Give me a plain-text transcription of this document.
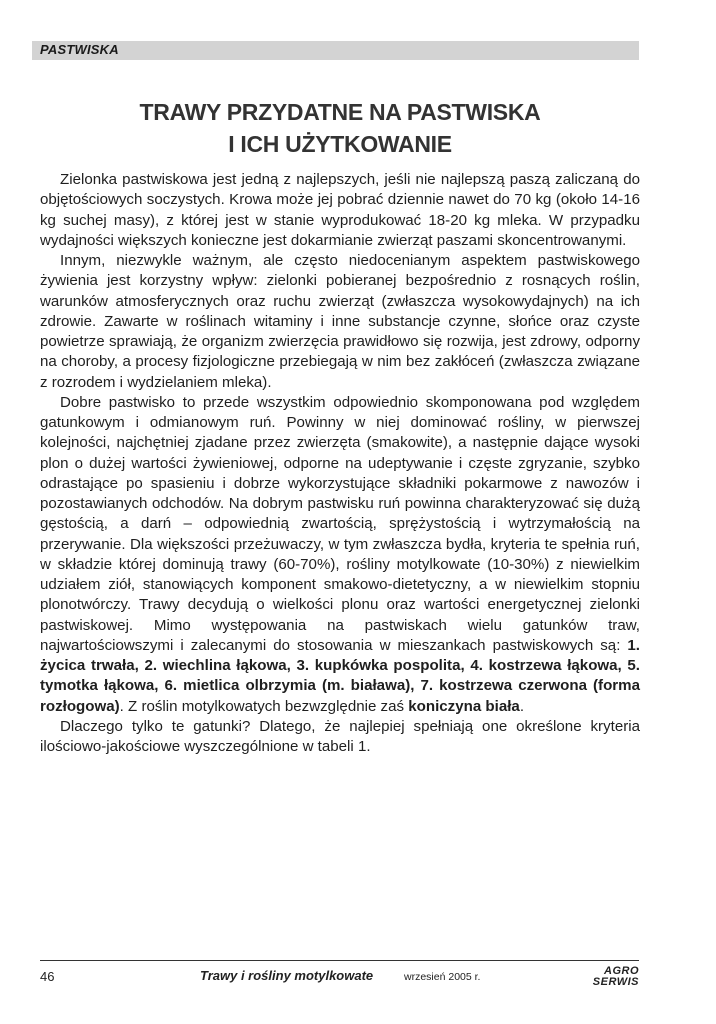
PASTWISKA
TRAWY PRZYDATNE NA PASTWISKA
I ICH UŻYTKOWANIE

Zielonka pastwiskowa jest jedną z najlepszych, jeśli nie najlepszą paszą zaliczaną do objętościowych soczystych. Krowa może jej pobrać dziennie nawet do 70 kg (około 14-16 kg suchej masy), z której jest w stanie wyprodukować 18-20 kg mleka. W przypadku wydajności większych konieczne jest dokarmianie zwierząt paszami skoncentrowanymi.

Innym, niezwykle ważnym, ale często niedocenianym aspektem pastwiskowego żywienia jest korzystny wpływ: zielonki pobieranej bezpośrednio z rosnących roślin, warunków atmosferycznych oraz ruchu zwierząt (zwłaszcza wysokowydajnych) na ich zdrowie. Zawarte w roślinach witaminy i inne substancje czynne, słońce oraz czyste powietrze sprawiają, że organizm zwierzęcia prawidłowo się rozwija, jest zdrowy, odporny na choroby, a procesy fizjologiczne przebiegają w nim bez zakłóceń (zwłaszcza związane z rozrodem i wydzielaniem mleka).

Dobre pastwisko to przede wszystkim odpowiednio skomponowana pod względem gatunkowym i odmianowym ruń. Powinny w niej dominować rośliny, w pierwszej kolejności, najchętniej zjadane przez zwierzęta (smakowite), a następnie dające wysoki plon o dużej wartości żywieniowej, odporne na udeptywanie i częste zgryzanie, szybko odrastające po spasieniu i dobrze wykorzystujące składniki pokarmowe z nawozów i pozostawianych odchodów. Na dobrym pastwisku ruń powinna charakteryzować się dużą gęstością, a darń – odpowiednią zwartością, sprężystością i wytrzymałością na przerywanie. Dla większości przeżuwaczy, w tym zwłaszcza bydła, kryteria te spełnia ruń, w składzie której dominują trawy (60-70%), rośliny motylkowate (10-30%) z niewielkim udziałem ziół, stanowiących komponent smakowo-dietetyczny, a w niewielkim stopniu plonotwórczy. Trawy decydują o wielkości plonu oraz wartości energetycznej zielonki pastwiskowej. Mimo występowania na pastwiskach wielu gatunków traw, najwartościowszymi i zalecanymi do stosowania w mieszankach pastwiskowych są: 1. życica trwała, 2. wiechlina łąkowa, 3. kupkówka pospolita, 4. kostrzewa łąkowa, 5. tymotka łąkowa, 6. mietlica olbrzymia (m. biaława), 7. kostrzewa czerwona (forma rozłogowa). Z roślin motylkowatych bezwzględnie zaś koniczyna biała.

Dlaczego tylko te gatunki? Dlatego, że najlepiej spełniają one określone kryteria ilościowo-jakościowe wyszczególnione w tabeli 1.

46	Trawy i rośliny motylkowate	wrzesień 2005 r.	AGRO
SERWIS
